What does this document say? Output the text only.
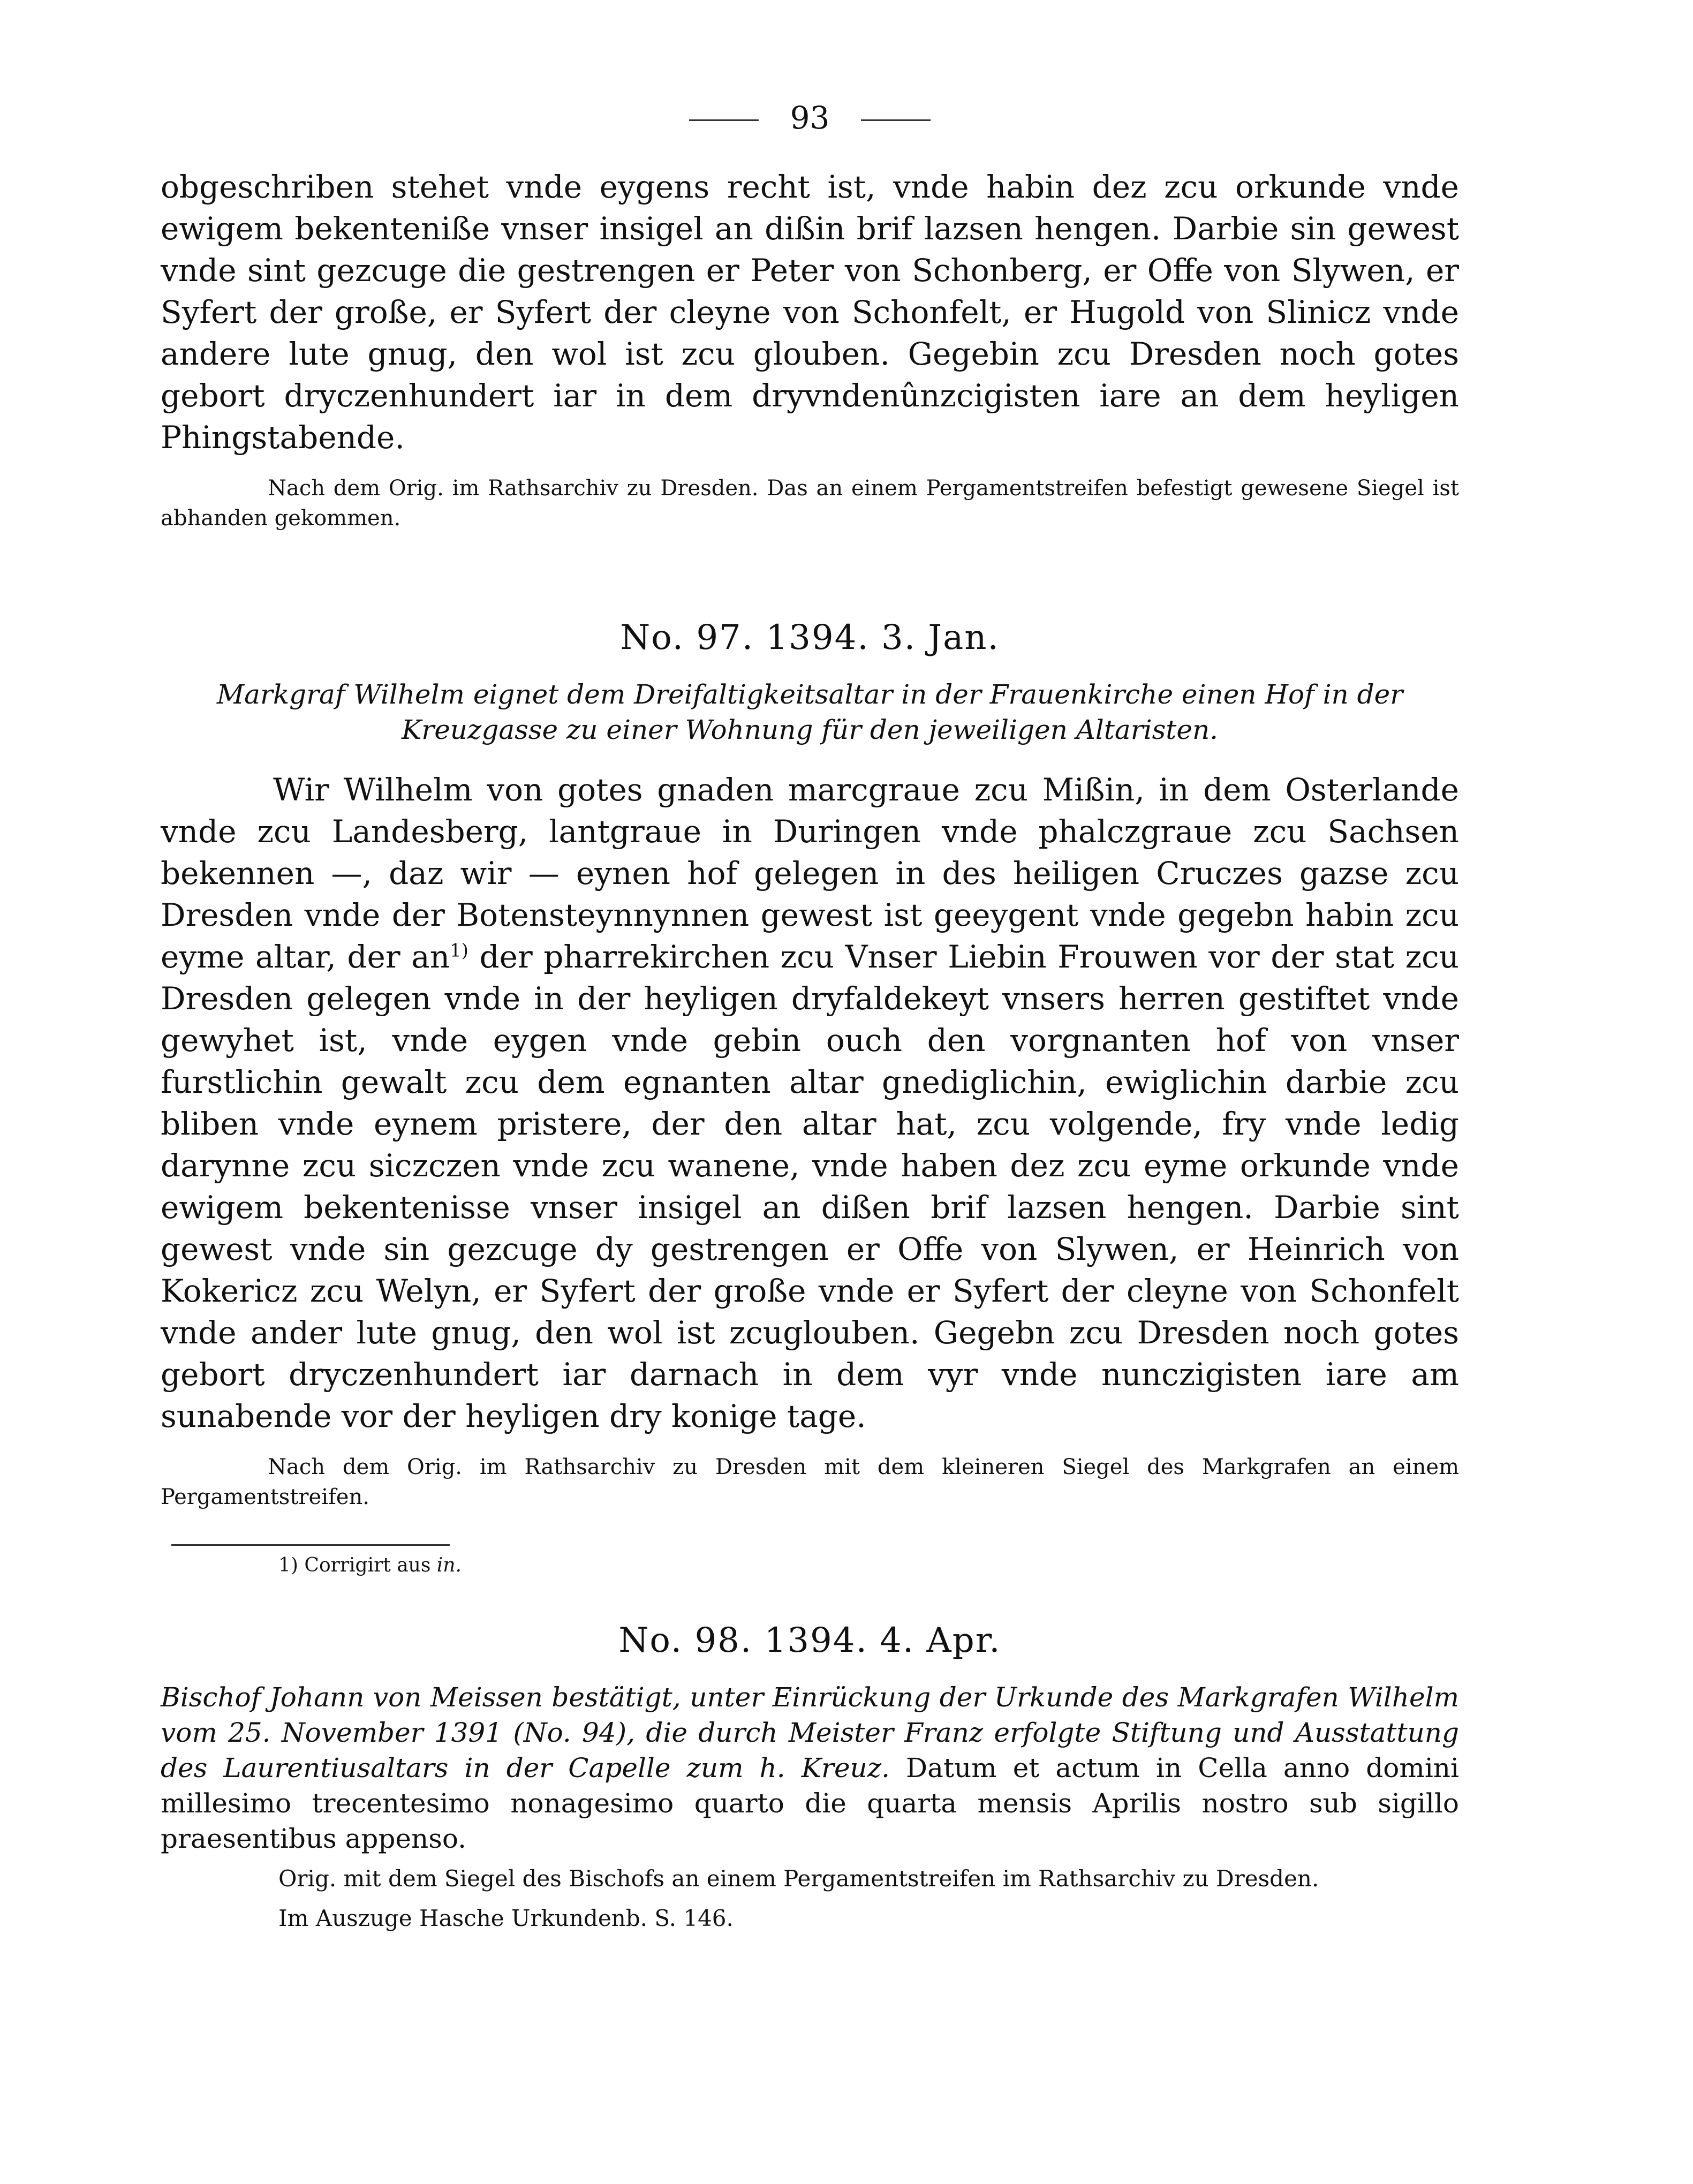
93

obgeschriben stehet vnde eygens recht ist, vnde habin dez zcu orkunde vnde ewigem bekenteniße vnser insigel an dißin brif lazsen hengen. Darbie sin gewest vnde sint gezcuge die gestrengen er Peter von Schonberg, er Offe von Slywen, er Syfert der große, er Syfert der cleyne von Schonfelt, er Hugold von Slinicz vnde andere lute gnug, den wol ist zcu glouben. Gegebin zcu Dresden noch gotes gebort dryczenhundert iar in dem dryvndenûnzcigisten iare an dem heyligen Phingstabende.

Nach dem Orig. im Rathsarchiv zu Dresden. Das an einem Pergamentstreifen befestigt gewesene Siegel ist abhanden gekommen.

No. 97. 1394. 3. Jan.

Markgraf Wilhelm eignet dem Dreifaltigkeitsaltar in der Frauenkirche einen Hof in der Kreuzgasse zu einer Wohnung für den jeweiligen Altaristen.

Wir Wilhelm von gotes gnaden marcgraue zcu Mißin, in dem Osterlande vnde zcu Landesberg, lantgraue in Duringen vnde phalczgraue zcu Sachsen bekennen —, daz wir — eynen hof gelegen in des heiligen Cruczes gazse zcu Dresden vnde der Botensteynnynnen gewest ist geeygent vnde gegebn habin zcu eyme altar, der $an^{1)}$ der pharrekirchen zcu Vnser Liebin Frouwen vor der stat zcu Dresden gelegen vnde in der heyligen dryfaldekeyt vnsers herren gestiftet vnde gewyhet ist, vnde eygen vnde gebin ouch den vorgnanten hof von vnser furstlichin gewalt zcu dem egnanten altar gnediglichin, ewiglichin darbie zcu bliben vnde eynem pristere, der den altar hat, zcu volgende, fry vnde ledig darynne zcu siczczen vnde zcu wanene, vnde haben dez zcu eyme orkunde vnde ewigem bekentenisse vnser insigel an dißen brif lazsen hengen. Darbie sint gewest vnde sin gezcuge dy gestrengen er Offe von Slywen, er Heinrich von Kokericz zcu Welyn, er Syfert der große vnde er Syfert der cleyne von Schonfelt vnde ander lute gnug, den wol ist zcuglouben. Gegebn zcu Dresden noch gotes gebort dryczenhundert iar darnach in dem vyr vnde nunczigisten iare am sunabende vor der heyligen dry konige tage.

Nach dem Orig. im Rathsarchiv zu Dresden mit dem kleineren Siegel des Markgrafen an einem Pergamentstreifen.

1) Corrigirt aus in.

No. 98. 1394. 4. Apr.

Bischof Johann von Meissen bestätigt, unter Einrückung der Urkunde des Markgrafen Wilhelm vom 25. November 1391 (No. 94), die durch Meister Franz erfolgte Stiftung und Ausstattung des Laurentiusaltars in der Capelle zum h. Kreuz. Datum et actum in Cella anno domini millesimo trecentesimo nonagesimo quarto die quarta mensis Aprilis nostro sub sigillo praesentibus appenso.

Orig. mit dem Siegel des Bischofs an einem Pergamentstreifen im Rathsarchiv zu Dresden.

Im Auszuge Hasche Urkundenb. S. 146.
